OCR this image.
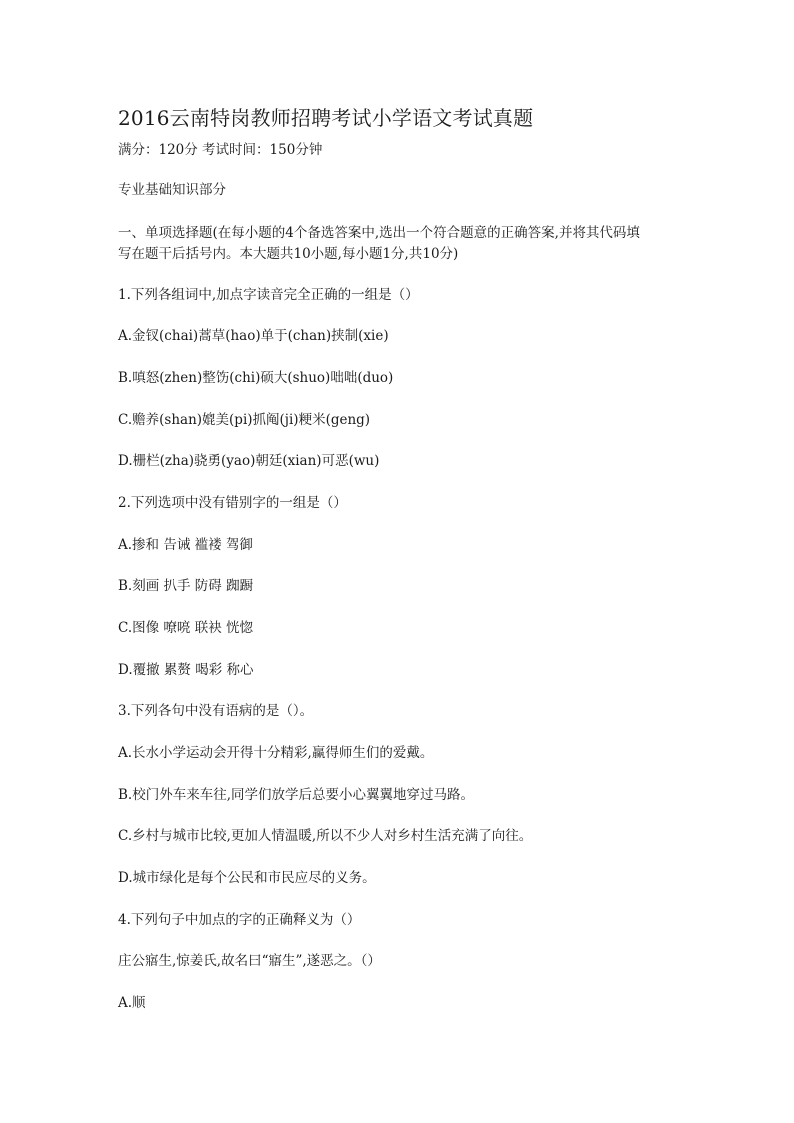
2016云南特岗教师招聘考试小学语文考试真题
满分：120分 考试时间：150分钟
专业基础知识部分
一、单项选择题(在每小题的4个备选答案中,选出一个符合题意的正确答案,并将其代码填
写在题干后括号内。本大题共10小题,每小题1分,共10分)
1.下列各组词中,加点字读音完全正确的一组是（）
A.金钗(chai)蒿草(hao)单于(chan)挟制(xie)
B.嗔怒(zhen)整饬(chi)硕大(shuo)咄咄(duo)
C.赡养(shan)媲美(pi)抓阄(ji)粳米(geng)
D.栅栏(zha)骁勇(yao)朝廷(xian)可恶(wu)
2.下列选项中没有错别字的一组是（）
A.掺和 告诫 褴褛 驾御
B.刻画 扒手 防碍 踟蹰
C.图像 嘹喨 联袂 恍惚
D.覆撤 累赘 喝彩 称心
3.下列各句中没有语病的是（）。
A.长水小学运动会开得十分精彩,赢得师生们的爱戴。
B.校门外车来车往,同学们放学后总要小心翼翼地穿过马路。
C.乡村与城市比较,更加人情温暖,所以不少人对乡村生活充满了向往。
D.城市绿化是每个公民和市民应尽的义务。
4.下列句子中加点的字的正确释义为（）
庄公寤生,惊姜氏,故名曰“寤生”,遂恶之。（）
A.顺
